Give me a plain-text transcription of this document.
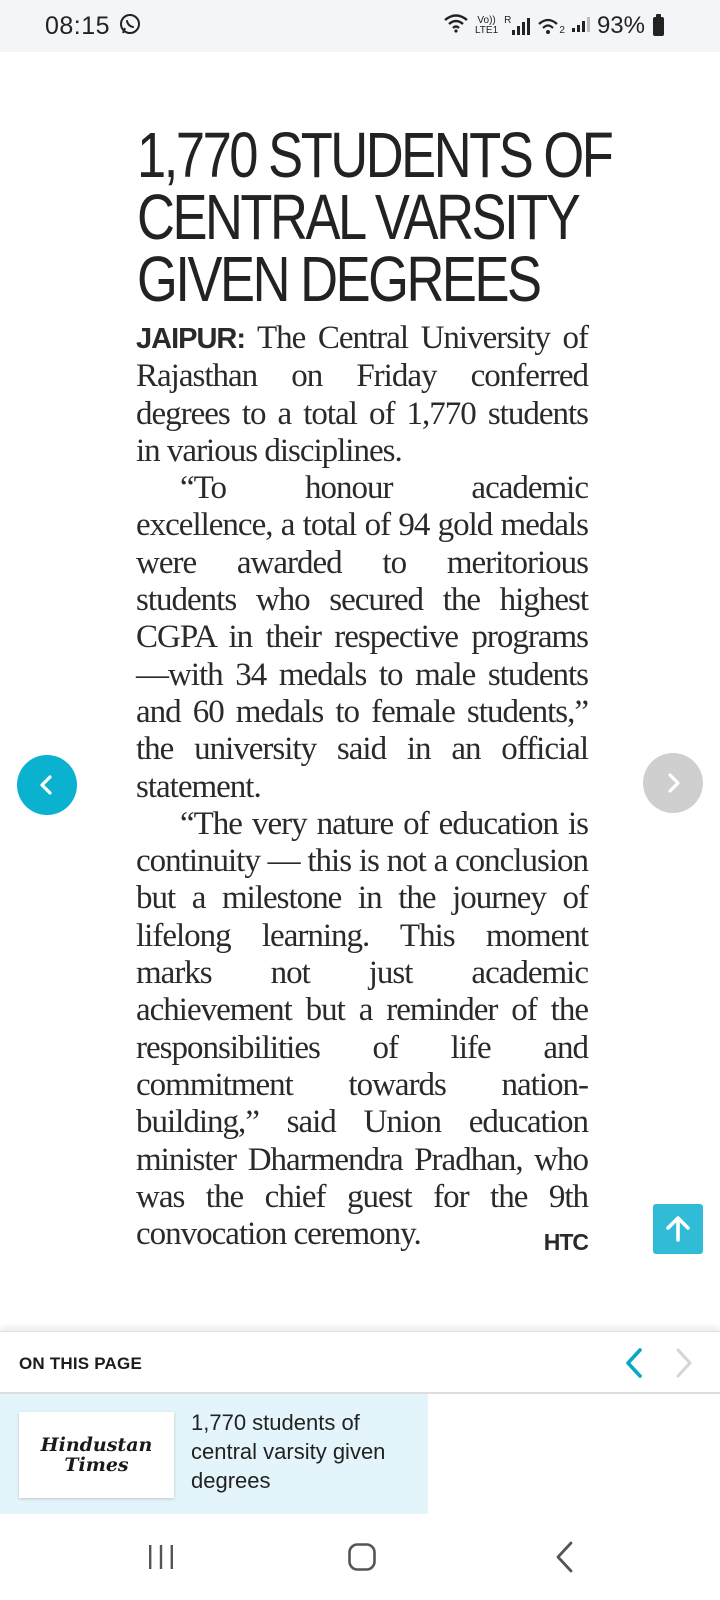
08:15	Vo))
LTE1
R
2 93%
1,770 STUDENTS OF
CENTRAL VARSITY
GIVEN DEGREES

JAIPUR: The Central University of Rajasthan on Friday conferred degrees to a total of 1,770 students in various disciplines.

“To honour academic excellence, a total of 94 gold medals were awarded to meritorious students who secured the highest CGPA in their respective programs —with 34 medals to male students and 60 medals to female students,” the university said in an official statement.

“The very nature of education is continuity — this is not a conclusion but a milestone in the journey of lifelong learning. This moment marks not just academic achievement but a reminder of the responsibilities of life and commitment towards nation-building,” said Union education minister Dharmendra Pradhan, who was the chief guest for the 9th convocation ceremony.	HTC

ON THIS PAGE
Hindustan
Times
1,770 students of central varsity given degrees
